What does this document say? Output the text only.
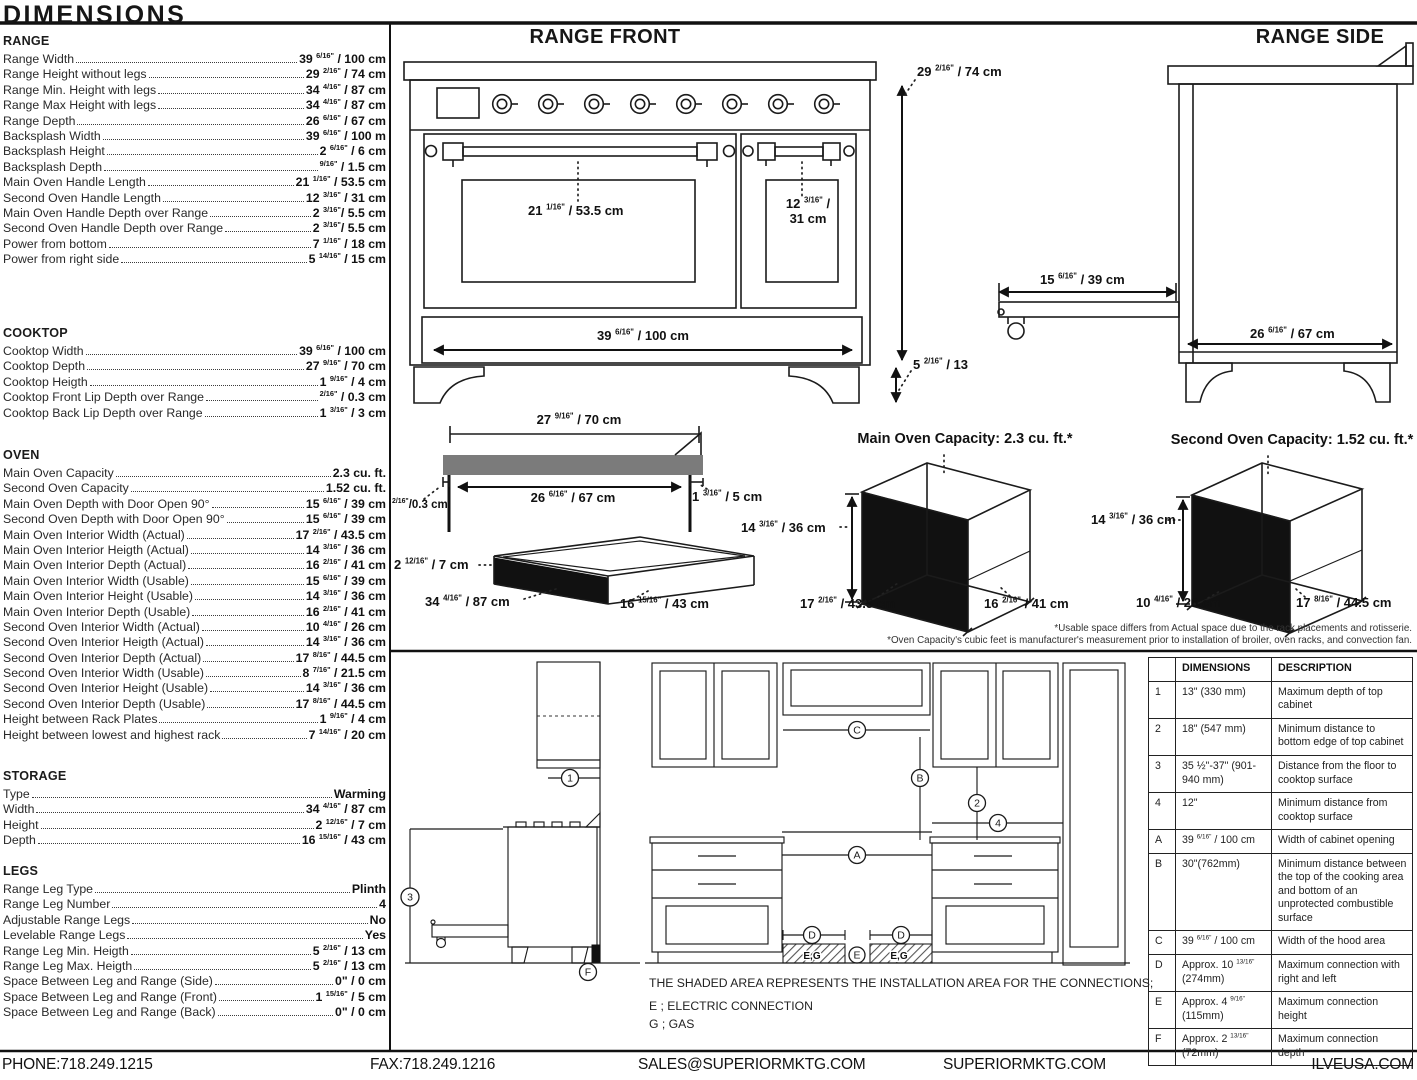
1
F
3
C
B
2
4
A
D	D
E
E,G	E,G
DIMENSIONS
RANGE
Range Width	39 $^{6/16"}$ / 100 cm
Range Height without legs	29 $^{2/16"}$ / 74 cm
Range Min. Height with legs	34 $^{4/16"}$ / 87 cm
Range Max Height with legs	34 $^{4/16"}$ / 87 cm
Range Depth	26 $^{6/16"}$ / 67 cm
Backsplash Width	39 $^{6/16"}$ / 100 m
Backsplash Height	2 $^{6/16"}$ / 6 cm
Backsplash Depth	$^{9/16"}$ / 1.5 cm
Main Oven Handle Length	21 $^{1/16"}$ / 53.5 cm
Second Oven Handle Length	12 $^{3/16"}$ / 31 cm
Main Oven Handle Depth over Range	2 $^{3/16"}$/ 5.5 cm
Second Oven Handle Depth over Range	2 $^{3/16"}$/ 5.5 cm
Power from bottom	7 $^{1/16"}$ / 18 cm
Power from right side	5 $^{14/16"}$ / 15 cm
COOKTOP
Cooktop Width	39 $^{6/16"}$ / 100 cm
Cooktop Depth	27 $^{9/16"}$ / 70 cm
Cooktop Heigth	1 $^{9/16"}$ / 4 cm
Cooktop Front Lip Depth over Range	$^{2/16"}$ / 0.3 cm
Cooktop Back Lip Depth over Range	1 $^{3/16"}$ / 3 cm
OVEN
Main Oven Capacity	2.3 cu. ft.
Second Oven Capacity	1.52 cu. ft.
Main Oven Depth with Door Open 90°	15 $^{6/16"}$ / 39 cm
Second Oven Depth with Door Open 90°	15 $^{6/16"}$ / 39 cm
Main Oven Interior Width (Actual)	17 $^{2/16"}$ / 43.5 cm
Main Oven Interior Heigth (Actual)	14 $^{3/16"}$ / 36 cm
Main Oven Interior Depth (Actual)	16 $^{2/16"}$ / 41 cm
Main Oven Interior Width (Usable)	15 $^{6/16"}$ / 39 cm
Main Oven Interior Height (Usable)	14 $^{3/16"}$ / 36 cm
Main Oven Interior Depth (Usable)	16 $^{2/16"}$ / 41 cm
Second Oven Interior Width (Actual)	10 $^{4/16"}$ / 26 cm
Second Oven Interior Heigth (Actual)	14 $^{3/16"}$ / 36 cm
Second Oven Interior Depth (Actual)	17 $^{8/16"}$ / 44.5 cm
Second Oven Interior Width (Usable)	8 $^{7/16"}$ / 21.5 cm
Second Oven Interior Height (Usable)	14 $^{3/16"}$ / 36 cm
Second Oven Interior Depth (Usable)	17 $^{8/16"}$ / 44.5 cm
Height between Rack Plates	1 $^{9/16"}$ / 4 cm
Height between lowest and highest rack	7 $^{14/16"}$ / 20 cm
STORAGE
Type	Warming
Width	34 $^{4/16"}$ / 87 cm
Height	2 $^{12/16"}$ / 7 cm
Depth	16 $^{15/16"}$ / 43 cm
LEGS
Range Leg Type	Plinth
Range Leg Number	4
Adjustable Range Legs	No
Levelable Range Legs	Yes
Range Leg Min. Heigth	5 $^{2/16"}$ / 13 cm
Range Leg Max. Heigth	5 $^{2/16"}$ / 13 cm
Space Between Leg and Range (Side)	0" / 0 cm
Space Between Leg and Range (Front)	1 $^{15/16"}$ / 5 cm
Space Between Leg and Range (Back)	0" / 0 cm
RANGE FRONT	RANGE SIDE
29 $^{2/16"}$ / 74 cm
21 $^{1/16"}$ / 53.5 cm	12 $^{3/16"}$ /
31 cm
39 $^{6/16"}$ / 100 cm
5 $^{2/16"}$ / 13
15 $^{6/16"}$ / 39 cm
26 $^{6/16"}$ / 67 cm
27 $^{9/16"}$ / 70 cm
26 $^{6/16"}$ / 67 cm
$^{2/16"}$/0.3 cm
1 $^{3/16"}$ / 5 cm
2 $^{12/16"}$ / 7 cm
34 $^{4/16"}$ / 87 cm	16 $^{15/16"}$ / 43 cm
Main Oven Capacity: 2.3 cu. ft.*
14 $^{3/16"}$ / 36 cm
17 $^{2/16"}$ / 43.5 cm	16 $^{2/16"}$ / 41 cm
Second Oven Capacity: 1.52 cu. ft.*
14 $^{3/16"}$ / 36 cm
10 $^{4/16"}$ / 26 cm	17 $^{8/16"}$ / 44.5 cm
*Usable space differs from Actual space due to the rack placements and rotisserie.
*Oven Capacity's cubic feet is manufacturer's measurement prior to installation of broiler, oven racks, and convection fan.
THE SHADED AREA REPRESENTS THE INSTALLATION AREA FOR THE CONNECTIONS;
E ; ELECTRIC CONNECTION
G ; GAS
	DIMENSIONS	DESCRIPTION
1	13" (330 mm)	Maximum depth of top cabinet
2	18" (547 mm)	Minimum distance to bottom edge of top cabinet
3	35 ½"-37" (901-940 mm)	Distance from the floor to cooktop surface
4	12"	Minimum distance from cooktop surface
A	39 $^{6/16"}$ / 100 cm	Width of cabinet opening
B	30"(762mm)	Minimum distance between the top of the cooking area and bottom of an unprotected combustible surface
C	39 $^{6/16"}$ / 100 cm	Width of the hood area
D	Approx. 10 $^{13/16"}$ (274mm)	Maximum connection with right and left
E	Approx. 4 $^{9/16"}$ (115mm)	Maximum connection height
F	Approx. 2 $^{13/16"}$ (72mm)	Maximum connection depth
PHONE:718.249.1215	FAX:718.249.1216	SALES@SUPERIORMKTG.COM	SUPERIORMKTG.COM	ILVEUSA.COM
